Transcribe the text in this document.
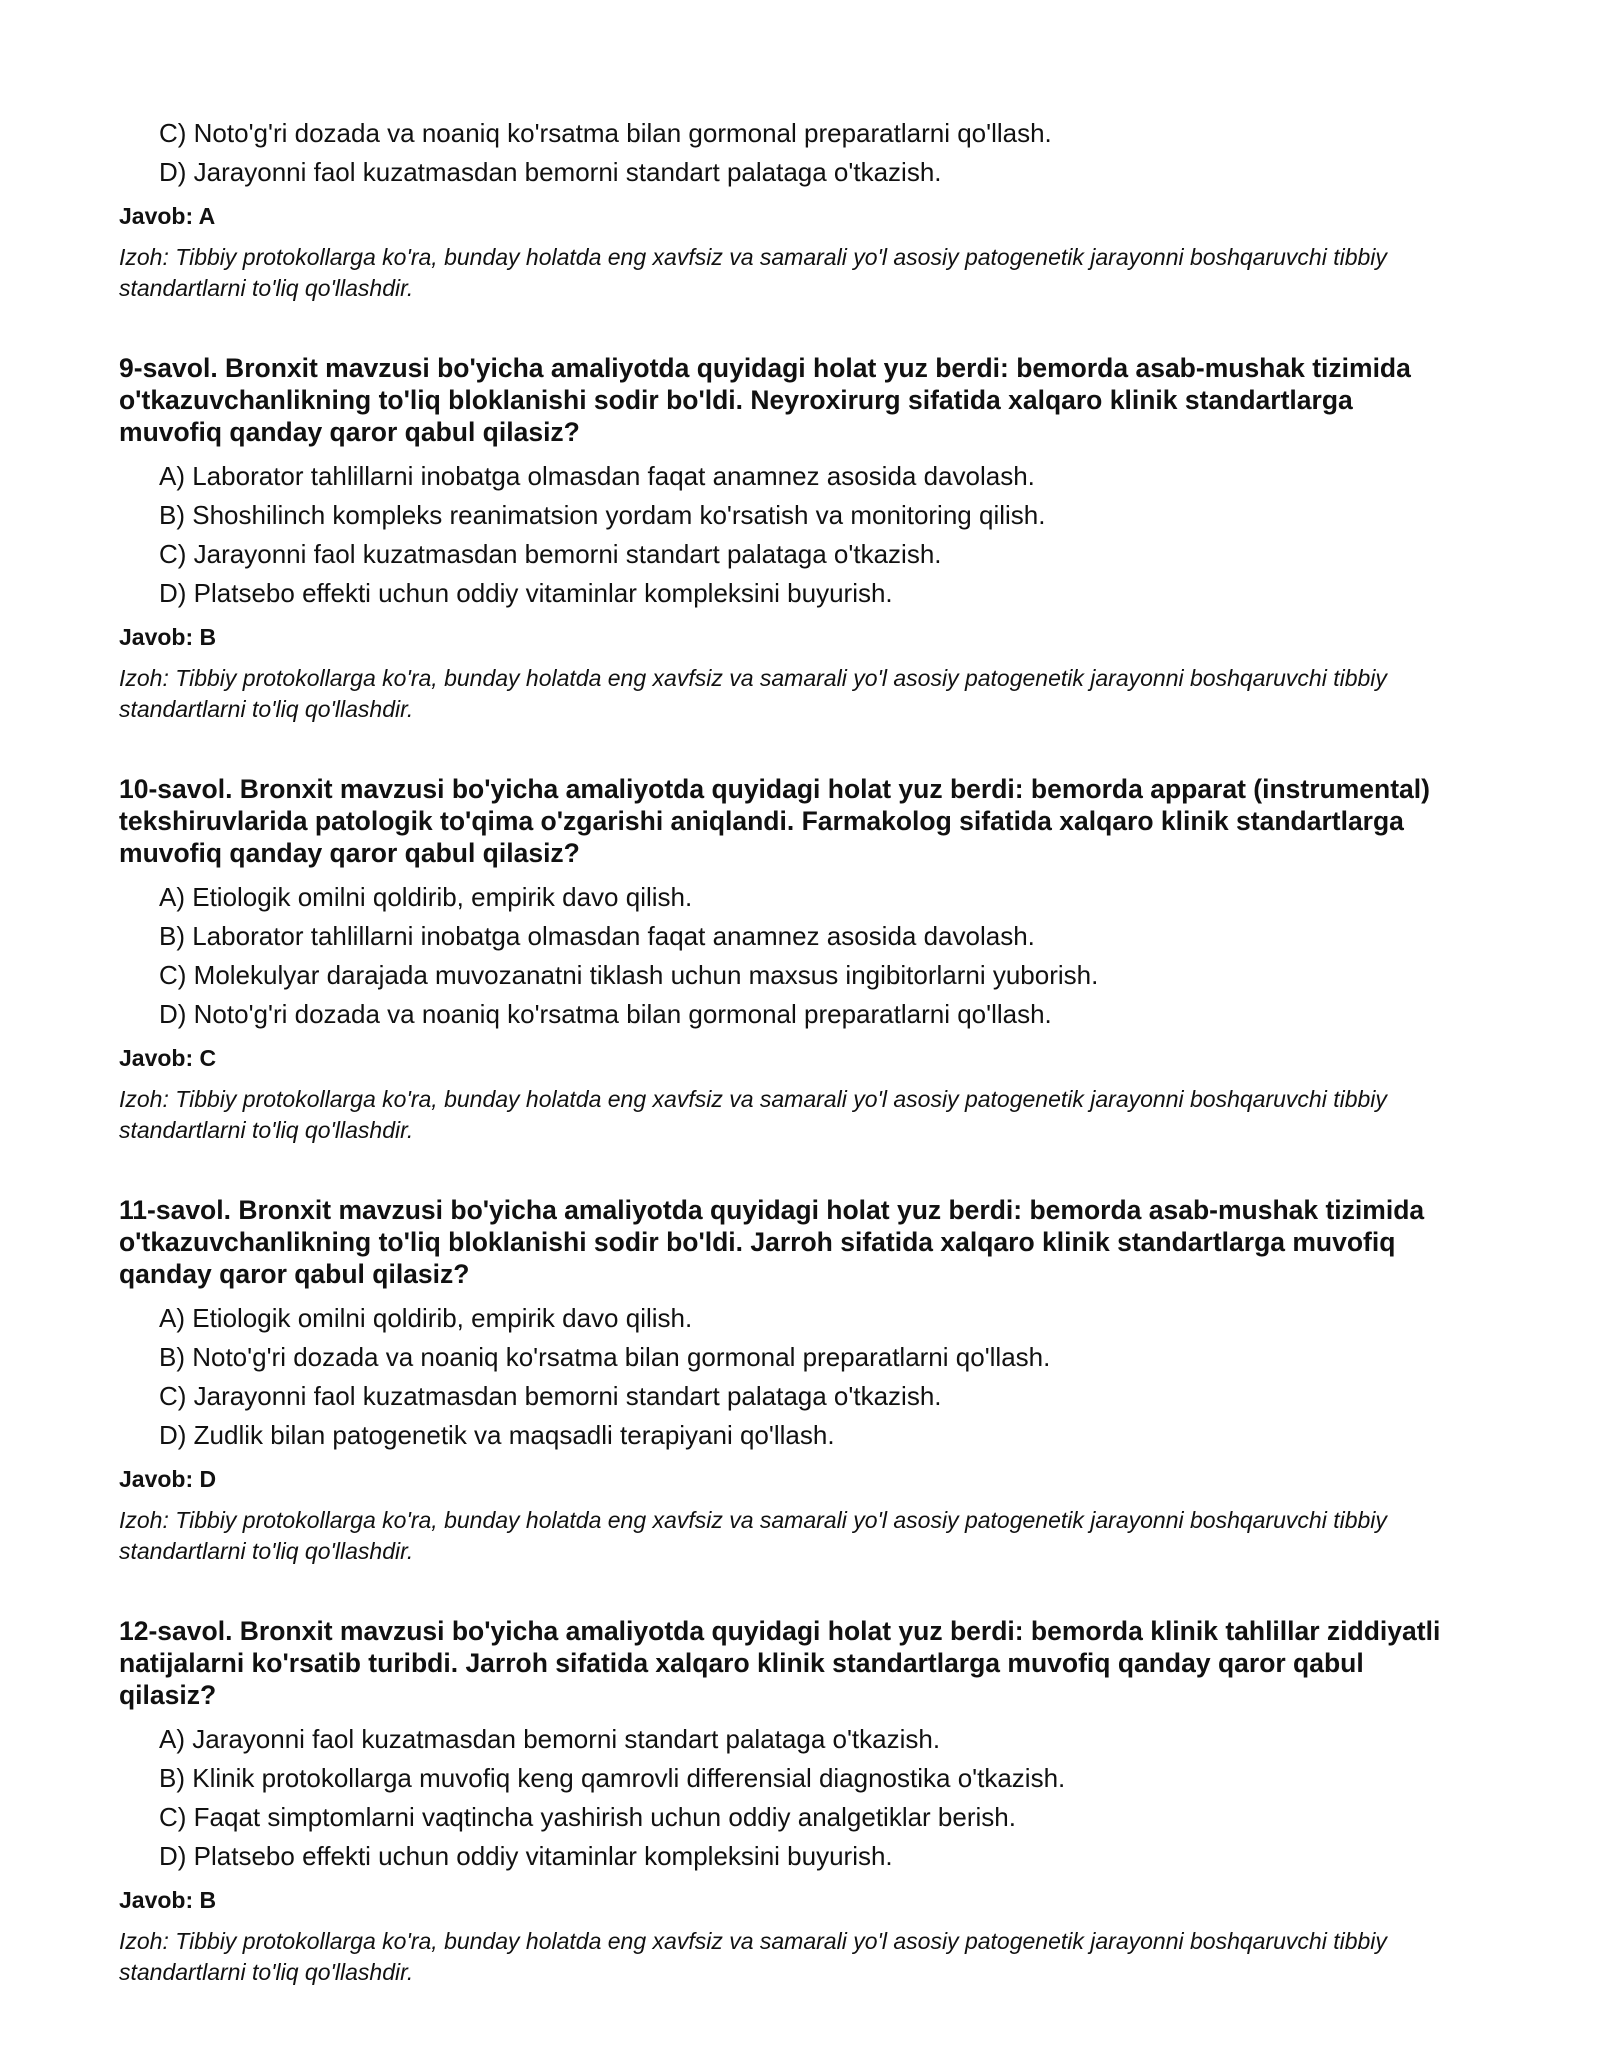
C) Noto'g'ri dozada va noaniq ko'rsatma bilan gormonal preparatlarni qo'llash.
D) Jarayonni faol kuzatmasdan bemorni standart palataga o'tkazish.
Javob: A

Izoh: Tibbiy protokollarga ko'ra, bunday holatda eng xavfsiz va samarali yo'l asosiy patogenetik jarayonni boshqaruvchi tibbiy standartlarni to'liq qo'llashdir.

9-savol. Bronxit mavzusi bo'yicha amaliyotda quyidagi holat yuz berdi: bemorda asab-mushak tizimida o'tkazuvchanlikning to'liq bloklanishi sodir bo'ldi. Neyroxirurg sifatida xalqaro klinik standartlarga muvofiq qanday qaror qabul qilasiz?

A) Laborator tahlillarni inobatga olmasdan faqat anamnez asosida davolash.
B) Shoshilinch kompleks reanimatsion yordam ko'rsatish va monitoring qilish.
C) Jarayonni faol kuzatmasdan bemorni standart palataga o'tkazish.
D) Platsebo effekti uchun oddiy vitaminlar kompleksini buyurish.
Javob: B

Izoh: Tibbiy protokollarga ko'ra, bunday holatda eng xavfsiz va samarali yo'l asosiy patogenetik jarayonni boshqaruvchi tibbiy standartlarni to'liq qo'llashdir.

10-savol. Bronxit mavzusi bo'yicha amaliyotda quyidagi holat yuz berdi: bemorda apparat (instrumental) tekshiruvlarida patologik to'qima o'zgarishi aniqlandi. Farmakolog sifatida xalqaro klinik standartlarga muvofiq qanday qaror qabul qilasiz?

A) Etiologik omilni qoldirib, empirik davo qilish.
B) Laborator tahlillarni inobatga olmasdan faqat anamnez asosida davolash.
C) Molekulyar darajada muvozanatni tiklash uchun maxsus ingibitorlarni yuborish.
D) Noto'g'ri dozada va noaniq ko'rsatma bilan gormonal preparatlarni qo'llash.
Javob: C

Izoh: Tibbiy protokollarga ko'ra, bunday holatda eng xavfsiz va samarali yo'l asosiy patogenetik jarayonni boshqaruvchi tibbiy standartlarni to'liq qo'llashdir.

11-savol. Bronxit mavzusi bo'yicha amaliyotda quyidagi holat yuz berdi: bemorda asab-mushak tizimida o'tkazuvchanlikning to'liq bloklanishi sodir bo'ldi. Jarroh sifatida xalqaro klinik standartlarga muvofiq qanday qaror qabul qilasiz?

A) Etiologik omilni qoldirib, empirik davo qilish.
B) Noto'g'ri dozada va noaniq ko'rsatma bilan gormonal preparatlarni qo'llash.
C) Jarayonni faol kuzatmasdan bemorni standart palataga o'tkazish.
D) Zudlik bilan patogenetik va maqsadli terapiyani qo'llash.
Javob: D

Izoh: Tibbiy protokollarga ko'ra, bunday holatda eng xavfsiz va samarali yo'l asosiy patogenetik jarayonni boshqaruvchi tibbiy standartlarni to'liq qo'llashdir.

12-savol. Bronxit mavzusi bo'yicha amaliyotda quyidagi holat yuz berdi: bemorda klinik tahlillar ziddiyatli natijalarni ko'rsatib turibdi. Jarroh sifatida xalqaro klinik standartlarga muvofiq qanday qaror qabul qilasiz?

A) Jarayonni faol kuzatmasdan bemorni standart palataga o'tkazish.
B) Klinik protokollarga muvofiq keng qamrovli differensial diagnostika o'tkazish.
C) Faqat simptomlarni vaqtincha yashirish uchun oddiy analgetiklar berish.
D) Platsebo effekti uchun oddiy vitaminlar kompleksini buyurish.
Javob: B

Izoh: Tibbiy protokollarga ko'ra, bunday holatda eng xavfsiz va samarali yo'l asosiy patogenetik jarayonni boshqaruvchi tibbiy standartlarni to'liq qo'llashdir.
